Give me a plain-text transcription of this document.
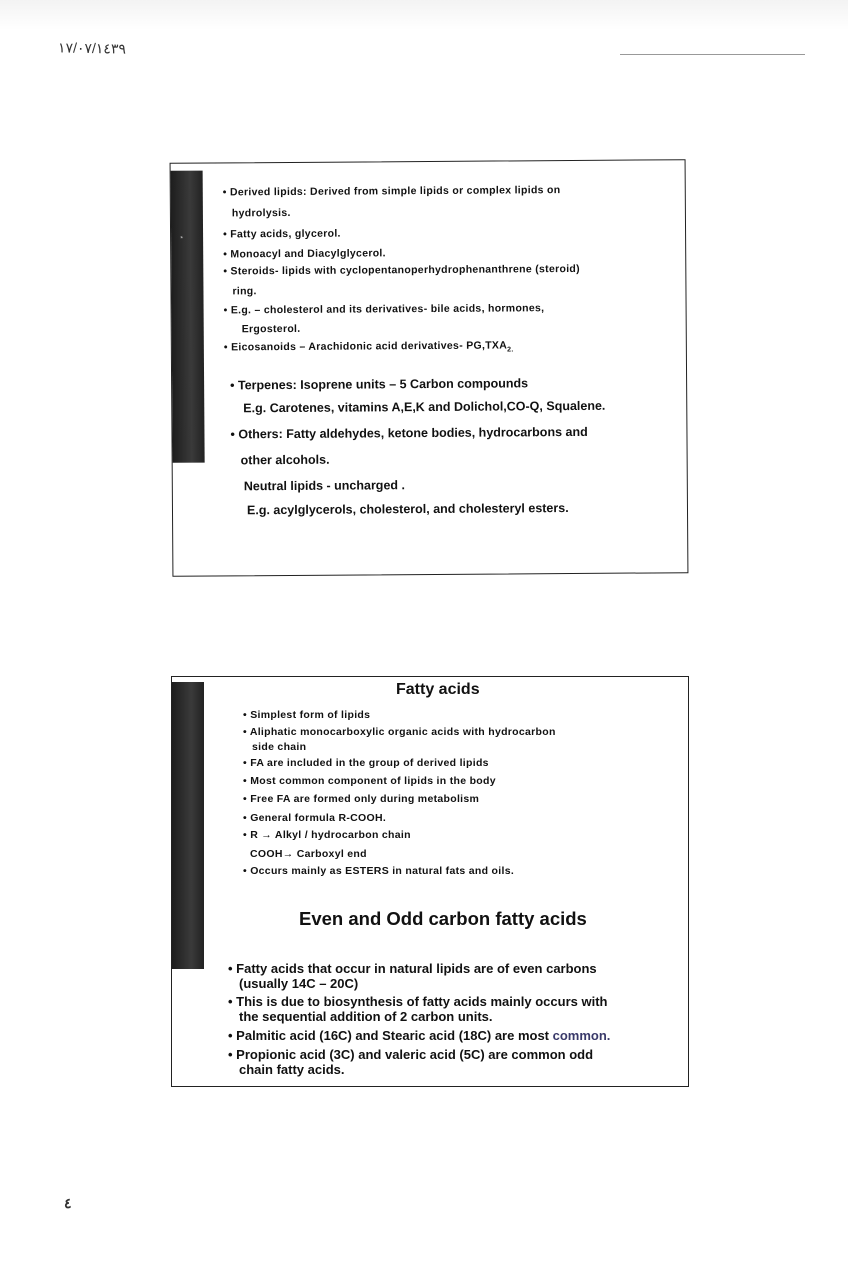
١٧/٠٧/١٤٣٩
⋆
• Derived lipids: Derived from simple lipids or complex lipids on
hydrolysis.
• Fatty acids, glycerol.
• Monoacyl and Diacylglycerol.
• Steroids- lipids with cyclopentanoperhydrophenanthrene (steroid)
ring.
• E.g. – cholesterol and its derivatives- bile acids, hormones,
Ergosterol.
• Eicosanoids – Arachidonic acid derivatives- $PG,TXA_{2.}$
• Terpenes: Isoprene units – 5 Carbon compounds
E.g. Carotenes, vitamins A,E,K and Dolichol,CO-Q, Squalene.
• Others: Fatty aldehydes, ketone bodies, hydrocarbons and
other alcohols.
Neutral lipids - uncharged .
E.g. acylglycerols, cholesterol, and cholesteryl esters.
Fatty acids
• Simplest form of lipids
• Aliphatic monocarboxylic organic acids with hydrocarbon
side chain
• FA are included in the group of derived lipids
• Most common component of lipids in the body
• Free FA are formed only during metabolism
• General formula R-COOH.
• R → Alkyl / hydrocarbon chain
COOH→ Carboxyl end
• Occurs mainly as ESTERS in natural fats and oils.
Even and Odd carbon fatty acids
• Fatty acids that occur in natural lipids are of even carbons
(usually 14C – 20C)
• This is due to biosynthesis of fatty acids mainly occurs with
the sequential addition of 2 carbon units.
• Palmitic acid (16C) and Stearic acid (18C) are most common.
• Propionic acid (3C) and valeric acid (5C) are common odd
chain fatty acids.
٤
